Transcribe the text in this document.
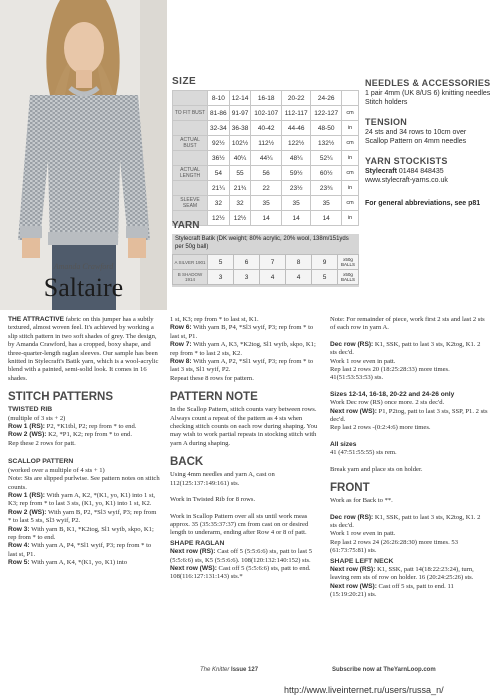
Amanda Crawford
Saltaire
SIZE
	8-10	12-14	16-18	20-22	24-26	
TO FIT BUST	81-86	91-97	102-107	112-117	122-127	cm
	32-34	36-38	40-42	44-46	48-50	in
ACTUAL BUST	92½	102½	112½	122½	132½	cm
	36½	40¼	44¼	48¼	52¼	in
ACTUAL LENGTH	54	55	56	59½	60½	cm
	21¼	21¾	22	23½	23¾	in
SLEEVE SEAM	32	32	35	35	35	cm
	12½	12½	14	14	14	in
YARN
Stylecraft Batik (DK weight; 80% acrylic, 20% wool, 138m/151yds per 50g ball)
A SILVER 1901	5	6	7	8	9	x50g BALLS
B SHADOW 1914	3	3	4	4	5	x50g BALLS
NEEDLES & ACCESSORIES

1 pair 4mm (UK 8/US 6) knitting needles Stitch holders

TENSION

24 sts and 34 rows to 10cm over Scallop Pattern on 4mm needles

YARN STOCKISTS

Stylecraft 01484 848435
www.stylecraft-yarns.co.uk

For general abbreviations, see p81

THE ATTRACTIVE fabric on this jumper has a subtly textured, almost woven feel. It's achieved by working a slip stitch pattern in two soft shades of grey. The design, by Amanda Crawford, has a cropped, boxy shape, and three-quarter-length raglan sleeves. Our sample has been knitted in Stylecraft's Batik yarn, which is a wool-acrylic blend with a painted, semi-solid look. It comes in 16 shades.

STITCH PATTERNS
TWISTED RIB

(multiple of 3 sts + 2)

Row 1 (RS): P2, *K1tbl, P2; rep from * to end.

Row 2 (WS): K2, *P1, K2; rep from * to end.

Rep these 2 rows for patt.

SCALLOP PATTERN

(worked over a multiple of 4 sts + 1)

Note: Sts are slipped purlwise. See pattern notes on stitch counts.

Row 1 (RS): With yarn A, K2, *(K1, yo, K1) into 1 st, K3; rep from * to last 3 sts, (K1, yo, K1) into 1 st, K2.

Row 2 (WS): With yarn B, P2, *Sl3 wyif, P3; rep from * to last 5 sts, Sl3 wyif, P2.

Row 3: With yarn B, K1, *K2tog, Sl1 wyib, skpo, K1; rep from * to end.

Row 4: With yarn A, P4, *Sl1 wyif, P3; rep from * to last st, P1.

Row 5: With yarn A, K4, *(K1, yo, K1) into

1 st, K3; rep from * to last st, K1.

Row 6: With yarn B, P4, *Sl3 wyif, P3; rep from * to last st, P1.

Row 7: With yarn A, K3, *K2tog, Sl1 wyib, skpo, K1; rep from * to last 2 sts, K2.

Row 8: With yarn A, P2, *Sl1 wyif, P3; rep from * to last 3 sts, Sl1 wyif, P2.

Repeat these 8 rows for pattern.

PATTERN NOTE

In the Scallop Pattern, stitch counts vary between rows. Always count a repeat of the pattern as 4 sts when checking stitch counts on each row during shaping. You may wish to work partial repeats in stocking stitch with yarn A during shaping.

BACK

Using 4mm needles and yarn A, cast on 112(125:137:149:161) sts.

Work in Twisted Rib for 8 rows.

Work in Scallop Pattern over all sts until work meas approx. 35 (35:35:37:37) cm from cast on or desired length to underarm, ending after Row 4 or 8 of patt.

SHAPE RAGLAN

Next row (RS): Cast off 5 (5:5:6:6) sts, patt to last 5 (5:5:6:6) sts, K5 (5:5:6:6). 108(120:132:140:152) sts.

Next row (WS): Cast off 5 (5:5:6:6) sts, patt to end. 108(116:127:131:143) sts.*

Note: For remainder of piece, work first 2 sts and last 2 sts of each row in yarn A.

Dec row (RS): K1, SSK, patt to last 3 sts, K2tog, K1. 2 sts dec'd.

Work 1 row even in patt.

Rep last 2 rows 20 (18:25:28:33) more times. 41(51:53:53:53) sts.

Sizes 12-14, 16-18, 20-22 and 24-26 only

Work Dec row (RS) once more. 2 sts dec'd.

Next row (WS): P1, P2tog, patt to last 3 sts, SSP, P1. 2 sts dec'd.

Rep last 2 rows -(0:2:4:6) more times.

All sizes

41 (47:51:55:55) sts rem.

Break yarn and place sts on holder.

FRONT

Work as for Back to **.

Dec row (RS): K1, SSK, patt to last 3 sts, K2tog, K1. 2 sts dec'd.

Work 1 row even in patt.

Rep last 2 rows 24 (26:26:28:30) more times. 53 (61:73:75:81) sts.

SHAPE LEFT NECK

Next row (RS): K1, SSK, patt 14(18:22:23:24), turn, leaving rem sts of row on holder. 16 (20:24:25:26) sts.

Next row (WS): Cast off 5 sts, patt to end. 11 (15:19:20:21) sts.

The Knitter Issue 127	Subscribe now at TheYarnLoop.com
http://www.liveinternet.ru/users/russa_n/
